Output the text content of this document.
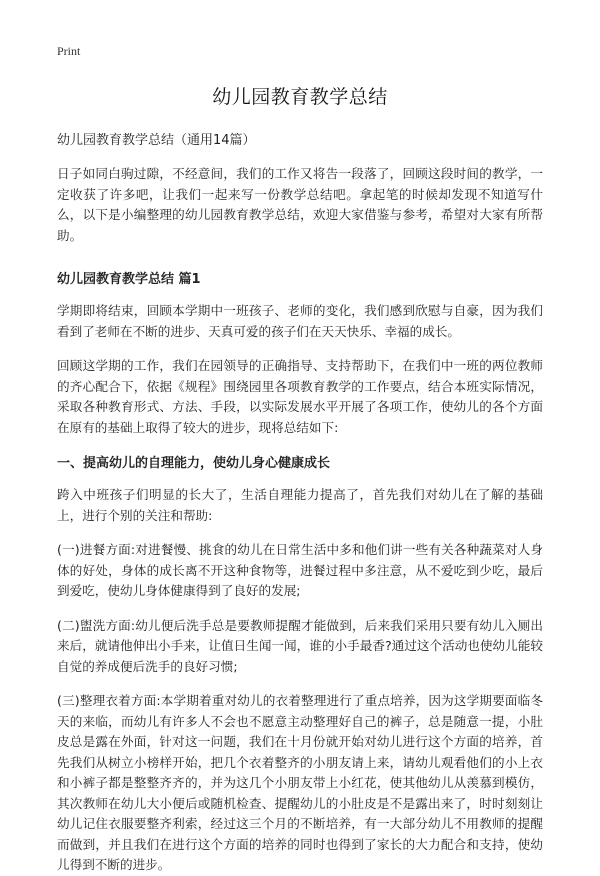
Print
幼儿园教育教学总结
幼儿园教育教学总结（通用14篇）

日子如同白驹过隙，不经意间，我们的工作又将告一段落了，回顾这段时间的教学，一定收获了许多吧，让我们一起来写一份教学总结吧。拿起笔的时候却发现不知道写什么，以下是小编整理的幼儿园教育教学总结，欢迎大家借鉴与参考，希望对大家有所帮助。

幼儿园教育教学总结 篇1

学期即将结束，回顾本学期中一班孩子、老师的变化，我们感到欣慰与自豪，因为我们看到了老师在不断的进步、天真可爱的孩子们在天天快乐、幸福的成长。

回顾这学期的工作，我们在园领导的正确指导、支持帮助下，在我们中一班的两位教师的齐心配合下，依据《规程》围绕园里各项教育教学的工作要点，结合本班实际情况，采取各种教育形式、方法、手段，以实际发展水平开展了各项工作，使幼儿的各个方面在原有的基础上取得了较大的进步，现将总结如下:

一、提高幼儿的自理能力，使幼儿身心健康成长

跨入中班孩子们明显的长大了，生活自理能力提高了，首先我们对幼儿在了解的基础上，进行个别的关注和帮助:

(一)进餐方面:对进餐慢、挑食的幼儿在日常生活中多和他们讲一些有关各种蔬菜对人身体的好处，身体的成长离不开这种食物等，进餐过程中多注意，从不爱吃到少吃，最后到爱吃，使幼儿身体健康得到了良好的发展;

(二)盥洗方面:幼儿便后洗手总是要教师提醒才能做到，后来我们采用只要有幼儿入厕出来后，就请他伸出小手来，让值日生闻一闻，谁的小手最香?通过这个活动也使幼儿能较自觉的养成便后洗手的良好习惯;

(三)整理衣着方面:本学期着重对幼儿的衣着整理进行了重点培养，因为这学期要面临冬天的来临，而幼儿有许多人不会也不愿意主动整理好自己的裤子，总是随意一提，小肚皮总是露在外面，针对这一问题，我们在十月份就开始对幼儿进行这个方面的培养，首先我们从树立小榜样开始，把几个衣着整齐的小朋友请上来，请幼儿观看他们的小上衣和小裤子都是整整齐齐的，并为这几个小朋友带上小红花，使其他幼儿从羡慕到模仿，其次教师在幼儿大小便后或随机检查、提醒幼儿的小肚皮是不是露出来了，时时刻刻让幼儿记住衣服要整齐利索，经过这三个月的不断培养，有一大部分幼儿不用教师的提醒而做到，并且我们在进行这个方面的培养的同时也得到了家长的大力配合和支持，使幼儿得到不断的进步。
